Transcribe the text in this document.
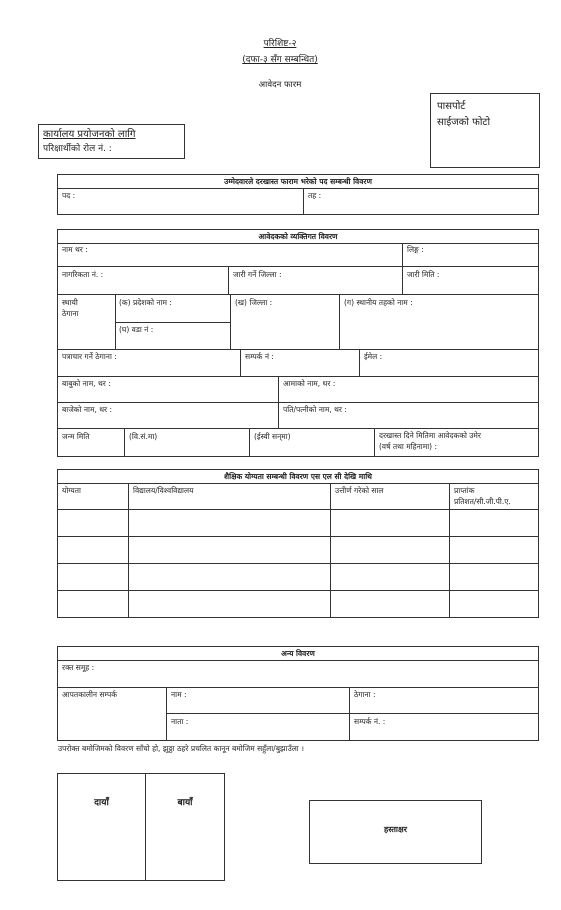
परिशिष्ट-२
(दफा-३ सँग सम्बन्धित)
आवेदन फारम
पासपोर्ट
साईजको फोटो
कार्यालय प्रयोजनको लागि
परिक्षार्थीको रोल नं. :
उम्मेदवारले दरखास्त फाराम भरेको पद सम्बन्धी विवरण
पद :	तह :
आवेदकको व्यक्तिगत विवरण
नाम थर :	लिङ्ग :
नागरिकता नं. :	जारी गर्ने जिल्ला :	जारी मिति :
स्थायी
ठेगाना
(क) प्रदेशको नाम :	(ख) जिल्ला :	(ग) स्थानीय तहको नाम :
(घ) वडा नं :
पत्राचार गर्ने ठेगाना :	सम्पर्क नं :	ईमेल :
बाबुको नाम, थर :	आमाको नाम, थर :
बाजेको नाम, थर :	पति/पत्नीको नाम, थर :
जन्म मिति	(वि.सं.मा)	(ईस्वी सन्‌मा)	दरखास्त दिने मितिमा आवेदकको उमेर
(वर्ष तथा महिनामा) :
शैक्षिक योग्यता सम्बन्धी विवरण एस एल सी देखि माथि
योग्यता	विद्यालय/विश्वविद्यालय	उत्तीर्ण गरेको साल	प्राप्तांक
प्रतिशत/सी.जी.पी.ए.
अन्य विवरण
रक्त समूह :
आपतकालीन सम्पर्क	नाम :	ठेगाना :
नाता :	सम्पर्क नं. :
उपरोक्त बमोजिमको विवरण साँचो हो, झुठ्ठा ठहरे प्रचलित कानून बमोजिम सहुँला/बुझाउँला ।
दायाँ	बायाँ
हस्ताक्षर
